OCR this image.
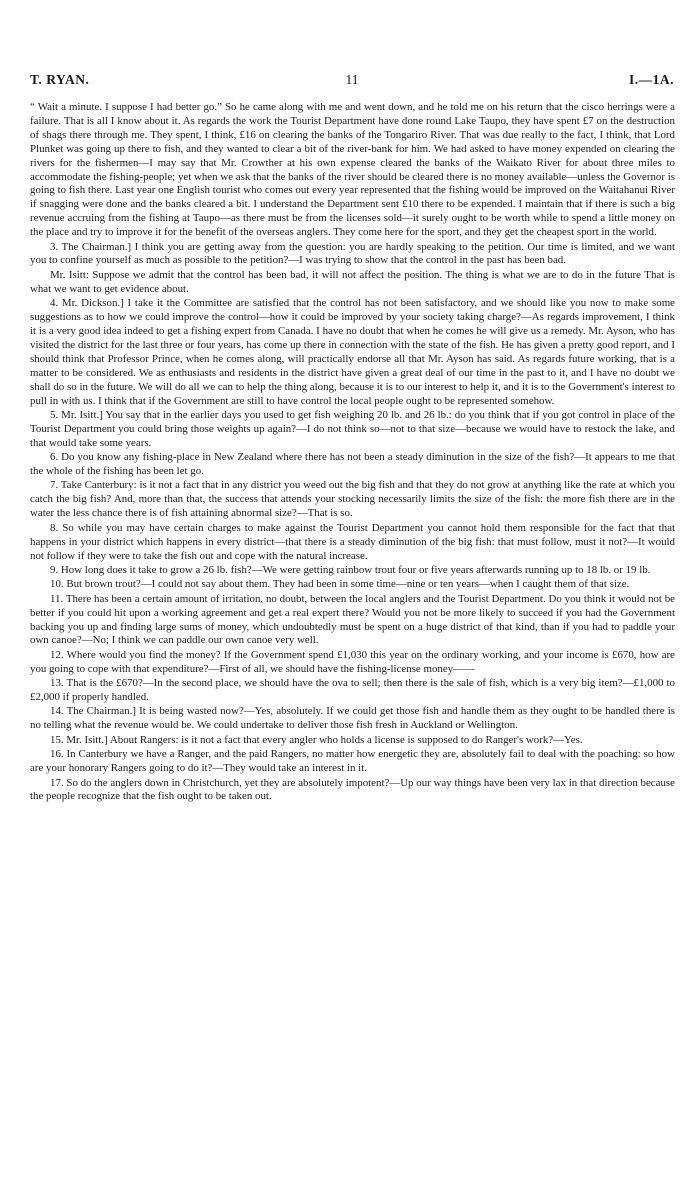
T. RYAN.	11	I.—1A.

“ Wait a minute. I suppose I had better go.” So he came along with me and went down, and he told me on his return that the cisco herrings were a failure. That is all I know about it. As regards the work the Tourist Department have done round Lake Taupo, they have spent £7 on the destruction of shags there through me. They spent, I think, £16 on clearing the banks of the Tongariro River. That was due really to the fact, I think, that Lord Plunket was going up there to fish, and they wanted to clear a bit of the river-bank for him. We had asked to have money expended on clearing the rivers for the fishermen—I may say that Mr. Crowther at his own expense cleared the banks of the Waikato River for about three miles to accommodate the fishing-people; yet when we ask that the banks of the river should be cleared there is no money available—unless the Governor is going to fish there. Last year one English tourist who comes out every year represented that the fishing would be improved on the Waitahanui River if snagging were done and the banks cleared a bit. I understand the Department sent £10 there to be expended. I maintain that if there is such a big revenue accruing from the fishing at Taupo—as there must be from the licenses sold—it surely ought to be worth while to spend a little money on the place and try to improve it for the benefit of the overseas anglers. They come here for the sport, and they get the cheapest sport in the world.

3. The Chairman.] I think you are getting away from the question: you are hardly speaking to the petition. Our time is limited, and we want you to confine yourself as much as possible to the petition?—I was trying to show that the control in the past has been bad.

Mr. Isitt: Suppose we admit that the control has been bad, it will not affect the position. The thing is what we are to do in the future That is what we want to get evidence about.

4. Mr. Dickson.] I take it the Committee are satisfied that the control has not been satisfactory, and we should like you now to make some suggestions as to how we could improve the control—how it could be improved by your society taking charge?—As regards improvement, I think it is a very good idea indeed to get a fishing expert from Canada. I have no doubt that when he comes he will give us a remedy. Mr. Ayson, who has visited the district for the last three or four years, has come up there in connection with the state of the fish. He has given a pretty good report, and I should think that Professor Prince, when he comes along, will practically endorse all that Mr. Ayson has said. As regards future working, that is a matter to be considered. We as enthusiasts and residents in the district have given a great deal of our time in the past to it, and I have no doubt we shall do so in the future. We will do all we can to help the thing along, because it is to our interest to help it, and it is to the Government's interest to pull in with us. I think that if the Government are still to have control the local people ought to be represented somehow.

5. Mr. Isitt.] You say that in the earlier days you used to get fish weighing 20 lb. and 26 lb.: do you think that if you got control in place of the Tourist Department you could bring those weights up again?—I do not think so—not to that size—because we would have to restock the lake, and that would take some years.

6. Do you know any fishing-place in New Zealand where there has not been a steady diminution in the size of the fish?—It appears to me that the whole of the fishing has been let go.

7. Take Canterbury: is it not a fact that in any district you weed out the big fish and that they do not grow at anything like the rate at which you catch the big fish? And, more than that, the success that attends your stocking necessarily limits the size of the fish: the more fish there are in the water the less chance there is of fish attaining abnormal size?—That is so.

8. So while you may have certain charges to make against the Tourist Department you cannot hold them responsible for the fact that that happens in your district which happens in every district—that there is a steady diminution of the big fish: that must follow, must it not?—It would not follow if they were to take the fish out and cope with the natural increase.

9. How long does it take to grow a 26 lb. fish?—We were getting rainbow trout four or five years afterwards running up to 18 lb. or 19 lb.

10. But brown trout?—I could not say about them. They had been in some time—nine or ten years—when I caught them of that size.

11. There has been a certain amount of irritation, no doubt, between the local anglers and the Tourist Department. Do you think it would not be better if you could hit upon a working agreement and get a real expert there? Would you not be more likely to succeed if you had the Government backing you up and finding large sums of money, which undoubtedly must be spent on a huge district of that kind, than if you had to paddle your own canoe?—No; I think we can paddle our own canoe very well.

12. Where would you find the money? If the Government spend £1,030 this year on the ordinary working, and your income is £670, how are you going to cope with that expenditure?—First of all, we should have the fishing-license money——

13. That is the £670?—In the second place, we should have the ova to sell; then there is the sale of fish, which is a very big item?—£1,000 to £2,000 if properly handled.

14. The Chairman.] It is being wasted now?—Yes, absolutely. If we could get those fish and handle them as they ought to be handled there is no telling what the revenue would be. We could undertake to deliver those fish fresh in Auckland or Wellington.

15. Mr. Isitt.] About Rangers: is it not a fact that every angler who holds a license is supposed to do Ranger's work?—Yes.

16. In Canterbury we have a Ranger, and the paid Rangers, no matter how energetic they are, absolutely fail to deal with the poaching: so how are your honorary Rangers going to do it?—They would take an interest in it.

17. So do the anglers down in Christchurch, yet they are absolutely impotent?—Up our way things have been very lax in that direction because the people recognize that the fish ought to be taken out.
